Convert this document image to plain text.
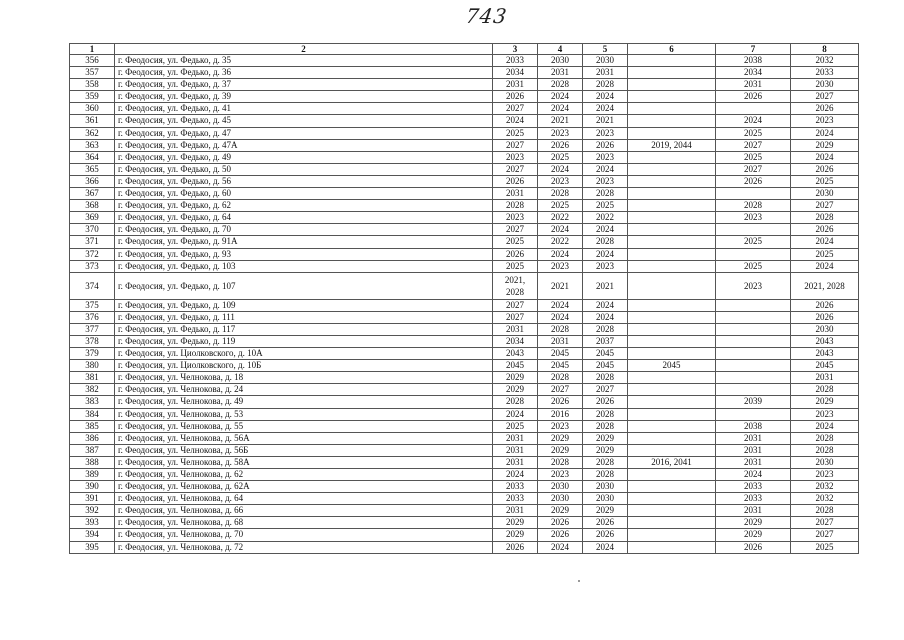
743
1	2	3	4	5	6	7	8
356	г. Феодосия, ул. Федько, д. 35	2033	2030	2030		2038	2032
357	г. Феодосия, ул. Федько, д. 36	2034	2031	2031		2034	2033
358	г. Феодосия, ул. Федько, д. 37	2031	2028	2028		2031	2030
359	г. Феодосия, ул. Федько, д. 39	2026	2024	2024		2026	2027
360	г. Феодосия, ул. Федько, д. 41	2027	2024	2024			2026
361	г. Феодосия, ул. Федько, д. 45	2024	2021	2021		2024	2023
362	г. Феодосия, ул. Федько, д. 47	2025	2023	2023		2025	2024
363	г. Феодосия, ул. Федько, д. 47А	2027	2026	2026	2019, 2044	2027	2029
364	г. Феодосия, ул. Федько, д. 49	2023	2025	2023		2025	2024
365	г. Феодосия, ул. Федько, д. 50	2027	2024	2024		2027	2026
366	г. Феодосия, ул. Федько, д. 56	2026	2023	2023		2026	2025
367	г. Феодосия, ул. Федько, д. 60	2031	2028	2028			2030
368	г. Феодосия, ул. Федько, д. 62	2028	2025	2025		2028	2027
369	г. Феодосия, ул. Федько, д. 64	2023	2022	2022		2023	2028
370	г. Феодосия, ул. Федько, д. 70	2027	2024	2024			2026
371	г. Феодосия, ул. Федько, д. 91А	2025	2022	2028		2025	2024
372	г. Феодосия, ул. Федько, д. 93	2026	2024	2024			2025
373	г. Феодосия, ул. Федько, д. 103	2025	2023	2023		2025	2024
374	г. Феодосия, ул. Федько, д. 107	2021, 2028	2021	2021		2023	2021, 2028
375	г. Феодосия, ул. Федько, д. 109	2027	2024	2024			2026
376	г. Феодосия, ул. Федько, д. 111	2027	2024	2024			2026
377	г. Феодосия, ул. Федько, д. 117	2031	2028	2028			2030
378	г. Феодосия, ул. Федько, д. 119	2034	2031	2037			2043
379	г. Феодосия, ул. Циолковского, д. 10А	2043	2045	2045			2043
380	г. Феодосия, ул. Циолковского, д. 10Б	2045	2045	2045	2045		2045
381	г. Феодосия, ул. Челнокова, д. 18	2029	2028	2028			2031
382	г. Феодосия, ул. Челнокова, д. 24	2029	2027	2027			2028
383	г. Феодосия, ул. Челнокова, д. 49	2028	2026	2026		2039	2029
384	г. Феодосия, ул. Челнокова, д. 53	2024	2016	2028			2023
385	г. Феодосия, ул. Челнокова, д. 55	2025	2023	2028		2038	2024
386	г. Феодосия, ул. Челнокова, д. 56А	2031	2029	2029		2031	2028
387	г. Феодосия, ул. Челнокова, д. 56Б	2031	2029	2029		2031	2028
388	г. Феодосия, ул. Челнокова, д. 58А	2031	2028	2028	2016, 2041	2031	2030
389	г. Феодосия, ул. Челнокова, д. 62	2024	2023	2028		2024	2023
390	г. Феодосия, ул. Челнокова, д. 62А	2033	2030	2030		2033	2032
391	г. Феодосия, ул. Челнокова, д. 64	2033	2030	2030		2033	2032
392	г. Феодосия, ул. Челнокова, д. 66	2031	2029	2029		2031	2028
393	г. Феодосия, ул. Челнокова, д. 68	2029	2026	2026		2029	2027
394	г. Феодосия, ул. Челнокова, д. 70	2029	2026	2026		2029	2027
395	г. Феодосия, ул. Челнокова, д. 72	2026	2024	2024		2026	2025
